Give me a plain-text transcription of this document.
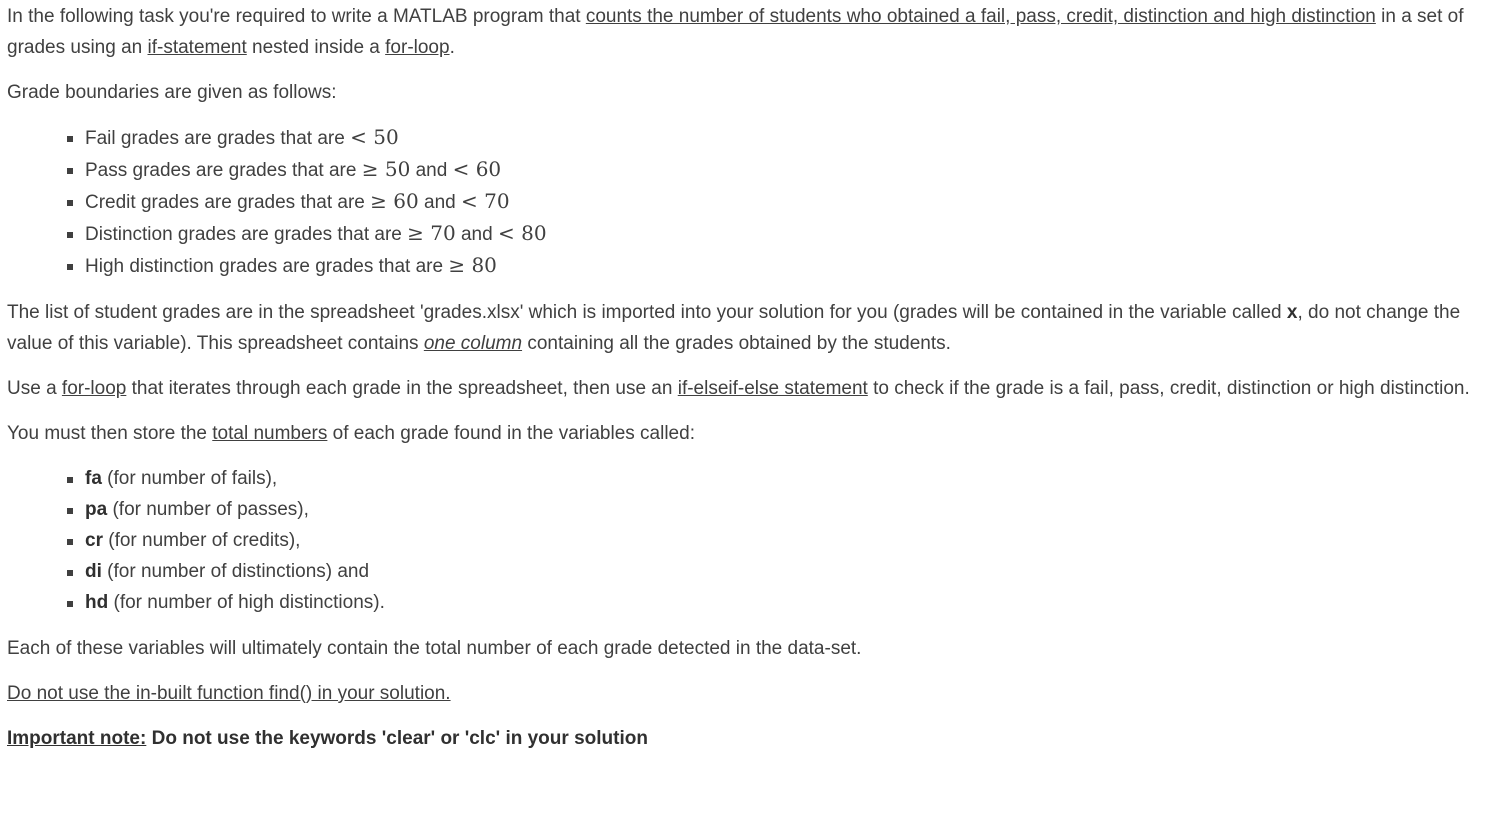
In the following task you're required to write a MATLAB program that counts the number of students who obtained a fail, pass, credit, distinction and high distinction in a set of grades using an if-statement nested inside a for-loop.

Grade boundaries are given as follows:

Fail grades are grades that are < 50
Pass grades are grades that are ≥ 50 and < 60
Credit grades are grades that are ≥ 60 and < 70
Distinction grades are grades that are ≥ 70 and < 80
High distinction grades are grades that are ≥ 80

The list of student grades are in the spreadsheet 'grades.xlsx' which is imported into your solution for you (grades will be contained in the variable called x, do not change the value of this variable). This spreadsheet contains one column containing all the grades obtained by the students.

Use a for-loop that iterates through each grade in the spreadsheet, then use an if-elseif-else statement to check if the grade is a fail, pass, credit, distinction or high distinction.

You must then store the total numbers of each grade found in the variables called:

fa (for number of fails),
pa (for number of passes),
cr (for number of credits),
di (for number of distinctions) and
hd (for number of high distinctions).

Each of these variables will ultimately contain the total number of each grade detected in the data-set.

Do not use the in-built function find() in your solution.

Important note: Do not use the keywords 'clear' or 'clc' in your solution
